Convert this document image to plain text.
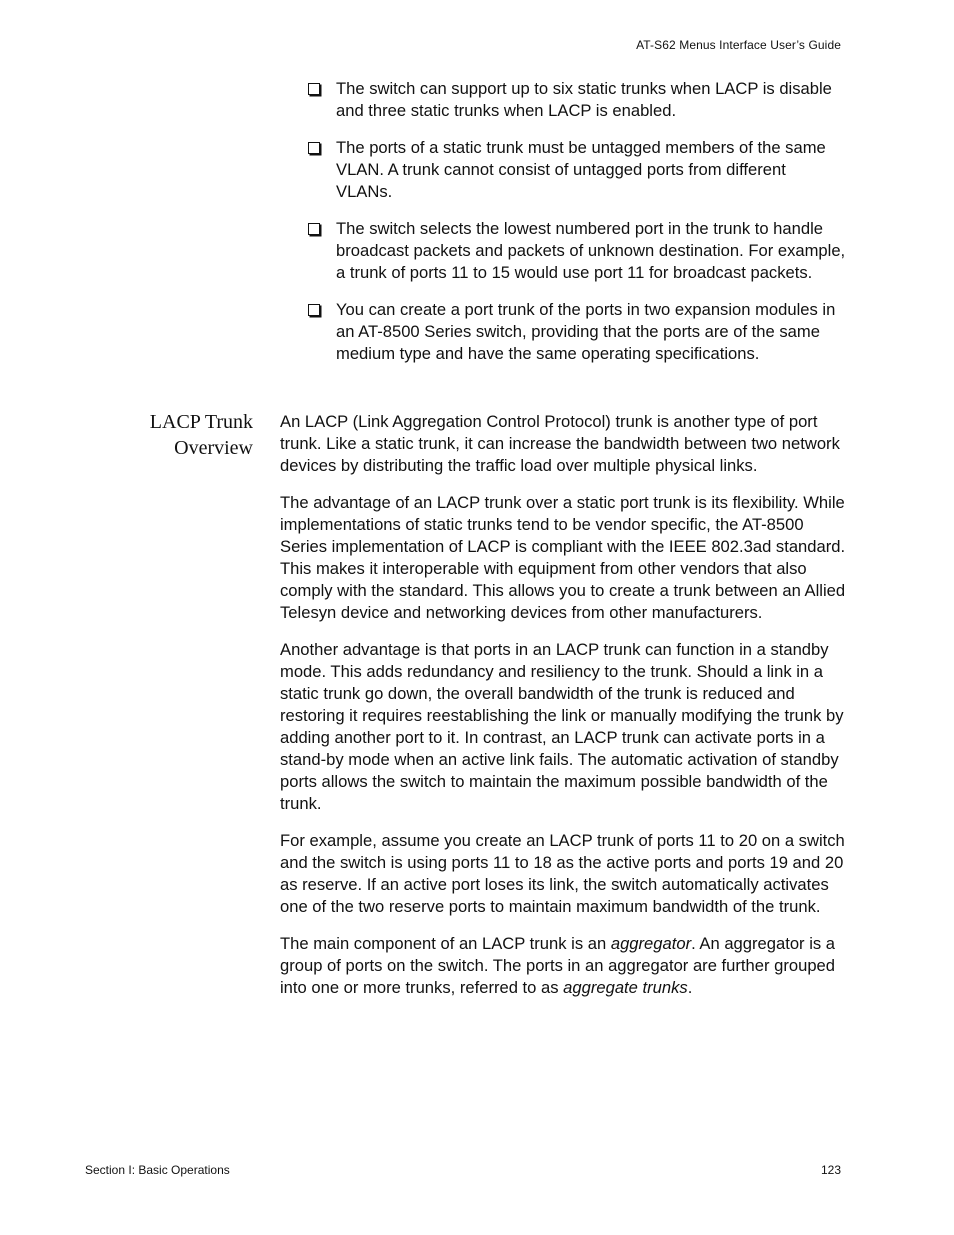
AT-S62 Menus Interface User’s Guide
The switch can support up to six static trunks when LACP is disable and three static trunks when LACP is enabled.
The ports of a static trunk must be untagged members of the same VLAN. A trunk cannot consist of untagged ports from different VLANs.
The switch selects the lowest numbered port in the trunk to handle broadcast packets and packets of unknown destination. For example, a trunk of ports 11 to 15 would use port 11 for broadcast packets.
You can create a port trunk of the ports in two expansion modules in an AT-8500 Series switch, providing that the ports are of the same medium type and have the same operating specifications.
LACP Trunk
Overview

An LACP (Link Aggregation Control Protocol) trunk is another type of port trunk. Like a static trunk, it can increase the bandwidth between two network devices by distributing the traffic load over multiple physical links.

The advantage of an LACP trunk over a static port trunk is its flexibility. While implementations of static trunks tend to be vendor specific, the AT-8500 Series implementation of LACP is compliant with the IEEE 802.3ad standard. This makes it interoperable with equipment from other vendors that also comply with the standard. This allows you to create a trunk between an Allied Telesyn device and networking devices from other manufacturers.

Another advantage is that ports in an LACP trunk can function in a standby mode. This adds redundancy and resiliency to the trunk. Should a link in a static trunk go down, the overall bandwidth of the trunk is reduced and restoring it requires reestablishing the link or manually modifying the trunk by adding another port to it. In contrast, an LACP trunk can activate ports in a stand-by mode when an active link fails. The automatic activation of standby ports allows the switch to maintain the maximum possible bandwidth of the trunk.

For example, assume you create an LACP trunk of ports 11 to 20 on a switch and the switch is using ports 11 to 18 as the active ports and ports 19 and 20 as reserve. If an active port loses its link, the switch automatically activates one of the two reserve ports to maintain maximum bandwidth of the trunk.

The main component of an LACP trunk is an aggregator. An aggregator is a group of ports on the switch. The ports in an aggregator are further grouped into one or more trunks, referred to as aggregate trunks.

Section I: Basic Operations	123
